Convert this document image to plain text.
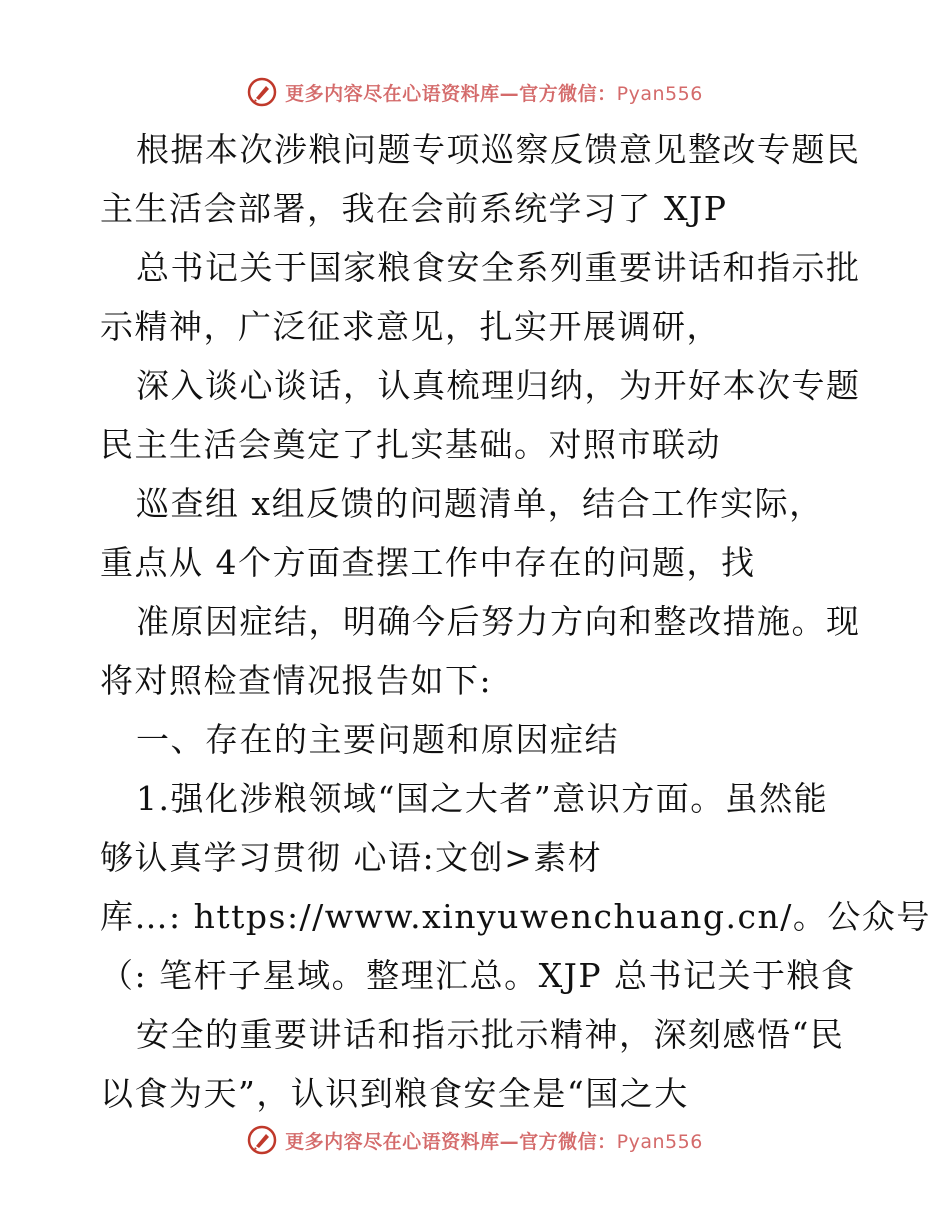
更多内容尽在心语资料库—官方微信：Pyan556
根据本次涉粮问题专项巡察反馈意见整改专题民
主生活会部署，我在会前系统学习了 XJP
总书记关于国家粮食安全系列重要讲话和指示批
示精神，广泛征求意见，扎实开展调研，
深入谈心谈话，认真梳理归纳，为开好本次专题
民主生活会奠定了扎实基础。对照市联动
巡查组 x组反馈的问题清单，结合工作实际，
重点从 4个方面查摆工作中存在的问题，找
准原因症结，明确今后努力方向和整改措施。现
将对照检查情况报告如下:
一、存在的主要问题和原因症结
1.强化涉粮领域“国之大者”意识方面。虽然能
够认真学习贯彻 心语:文创>素材
库…: https://www.xinyuwenchuang.cn/。公众号
（: 笔杆子星域。整理汇总。XJP 总书记关于粮食
安全的重要讲话和指示批示精神，深刻感悟“民
以食为天”，认识到粮食安全是“国之大
更多内容尽在心语资料库—官方微信：Pyan556
